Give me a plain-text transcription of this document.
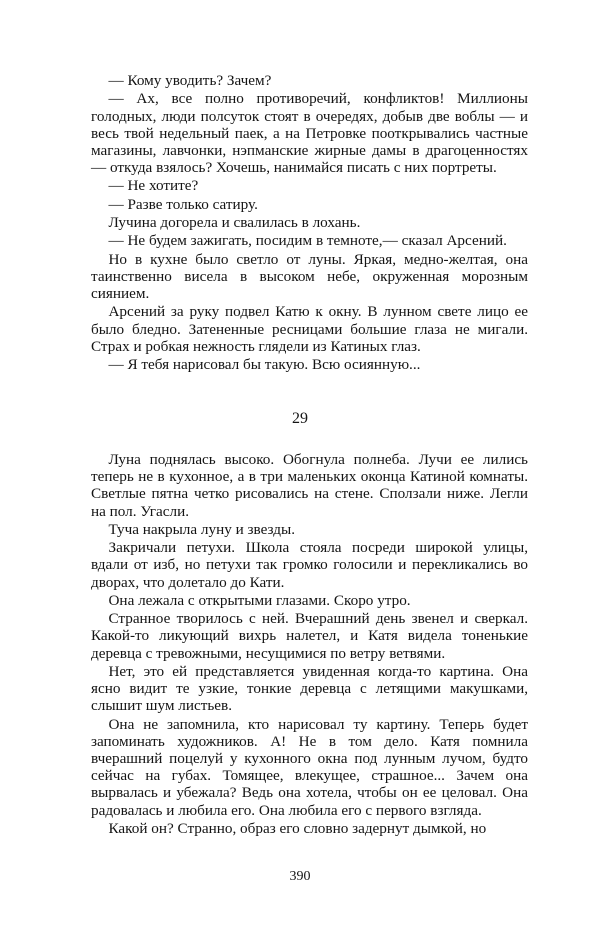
— Кому уводить? Зачем?

— Ах, все полно противоречий, конфликтов! Миллионы голодных, люди полсуток стоят в очередях, добыв две воблы — и весь твой недельный паек, а на Петровке пооткрывались частные магазины, лавчонки, нэпманские жирные дамы в драгоценностях — откуда взялось? Хочешь, нанимайся писать с них портреты.

— Не хотите?

— Разве только сатиру.

Лучина догорела и свалилась в лохань.

— Не будем зажигать, посидим в темноте,— сказал Арсений.

Но в кухне было светло от луны. Яркая, медно-желтая, она таинственно висела в высоком небе, окруженная морозным сиянием.

Арсений за руку подвел Катю к окну. В лунном свете лицо ее было бледно. Затененные ресницами большие глаза не мигали. Страх и робкая нежность глядели из Катиных глаз.

— Я тебя нарисовал бы такую. Всю осиянную...

29

Луна поднялась высоко. Обогнула полнеба. Лучи ее лились теперь не в кухонное, а в три маленьких оконца Катиной комнаты. Светлые пятна четко рисовались на стене. Сползали ниже. Легли на пол. Угасли.

Туча накрыла луну и звезды.

Закричали петухи. Школа стояла посреди широкой улицы, вдали от изб, но петухи так громко голосили и перекликались во дворах, что долетало до Кати.

Она лежала с открытыми глазами. Скоро утро.

Странное творилось с ней. Вчерашний день звенел и сверкал. Какой-то ликующий вихрь налетел, и Катя видела тоненькие деревца с тревожными, несущимися по ветру ветвями.

Нет, это ей представляется увиденная когда-то картина. Она ясно видит те узкие, тонкие деревца с летящими макушками, слышит шум листьев.

Она не запомнила, кто нарисовал ту картину. Теперь будет запоминать художников. А! Не в том дело. Катя помнила вчерашний поцелуй у кухонного окна под лунным лучом, будто сейчас на губах. Томящее, влекущее, страшное... Зачем она вырвалась и убежала? Ведь она хотела, чтобы он ее целовал. Она радовалась и любила его. Она любила его с первого взгляда.

Какой он? Странно, образ его словно задернут дымкой, но

390
